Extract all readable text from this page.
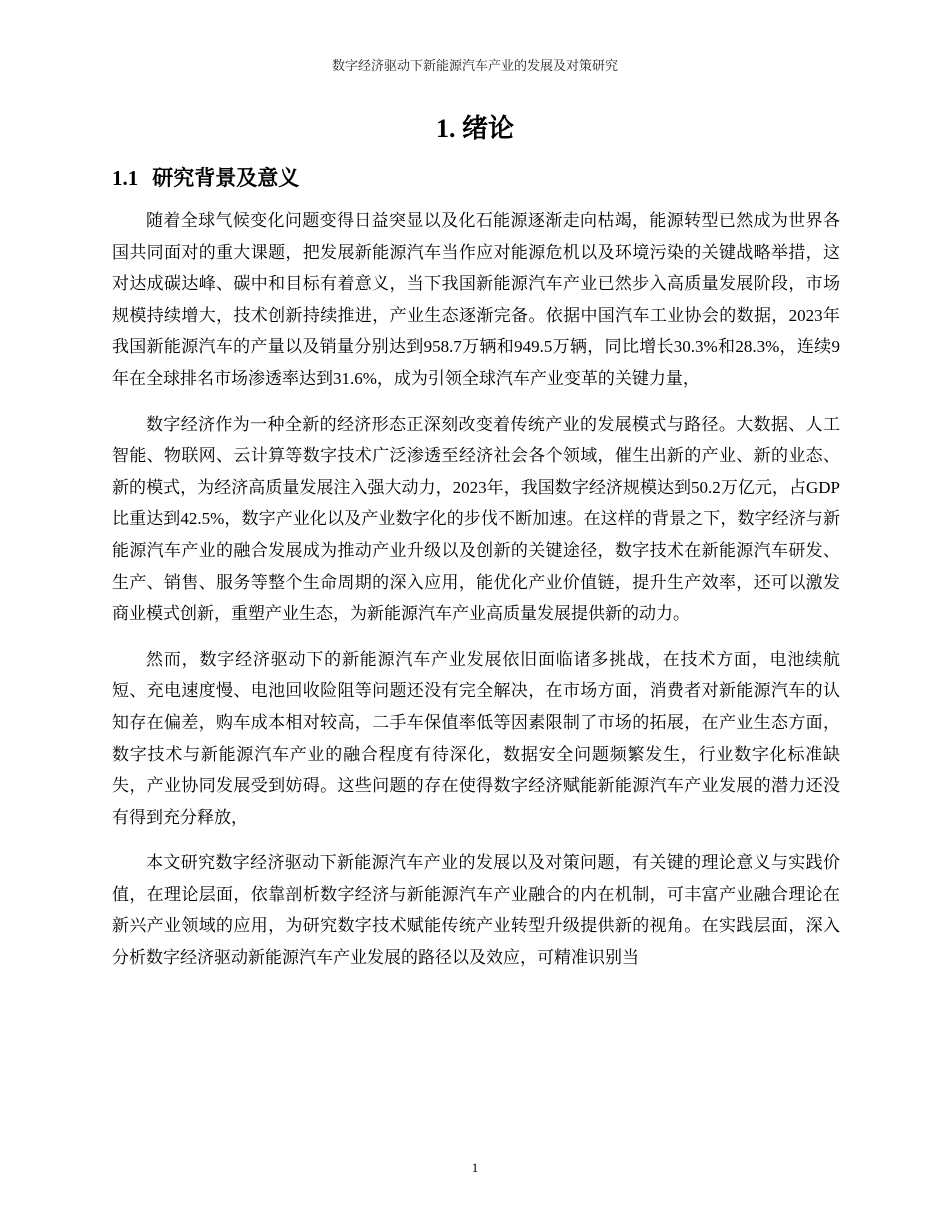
数字经济驱动下新能源汽车产业的发展及对策研究
1. 绪论
1.1 研究背景及意义

随着全球气候变化问题变得日益突显以及化石能源逐渐走向枯竭，能源转型已然成为世界各国共同面对的重大课题，把发展新能源汽车当作应对能源危机以及环境污染的关键战略举措，这对达成碳达峰、碳中和目标有着意义，当下我国新能源汽车产业已然步入高质量发展阶段，市场规模持续增大，技术创新持续推进，产业生态逐渐完备。依据中国汽车工业协会的数据，2023年我国新能源汽车的产量以及销量分别达到958.7万辆和949.5万辆，同比增长30.3%和28.3%，连续9年在全球排名市场渗透率达到31.6%，成为引领全球汽车产业变革的关键力量，

数字经济作为一种全新的经济形态正深刻改变着传统产业的发展模式与路径。大数据、人工智能、物联网、云计算等数字技术广泛渗透至经济社会各个领域，催生出新的产业、新的业态、新的模式，为经济高质量发展注入强大动力，2023年，我国数字经济规模达到50.2万亿元，占GDP比重达到42.5%，数字产业化以及产业数字化的步伐不断加速。在这样的背景之下，数字经济与新能源汽车产业的融合发展成为推动产业升级以及创新的关键途径，数字技术在新能源汽车研发、生产、销售、服务等整个生命周期的深入应用，能优化产业价值链，提升生产效率，还可以激发商业模式创新，重塑产业生态，为新能源汽车产业高质量发展提供新的动力。

然而，数字经济驱动下的新能源汽车产业发展依旧面临诸多挑战，在技术方面，电池续航短、充电速度慢、电池回收险阻等问题还没有完全解决，在市场方面，消费者对新能源汽车的认知存在偏差，购车成本相对较高，二手车保值率低等因素限制了市场的拓展，在产业生态方面，数字技术与新能源汽车产业的融合程度有待深化，数据安全问题频繁发生，行业数字化标准缺失，产业协同发展受到妨碍。这些问题的存在使得数字经济赋能新能源汽车产业发展的潜力还没有得到充分释放，

本文研究数字经济驱动下新能源汽车产业的发展以及对策问题，有关键的理论意义与实践价值，在理论层面，依靠剖析数字经济与新能源汽车产业融合的内在机制，可丰富产业融合理论在新兴产业领域的应用，为研究数字技术赋能传统产业转型升级提供新的视角。在实践层面，深入分析数字经济驱动新能源汽车产业发展的路径以及效应，可精准识别当

1
